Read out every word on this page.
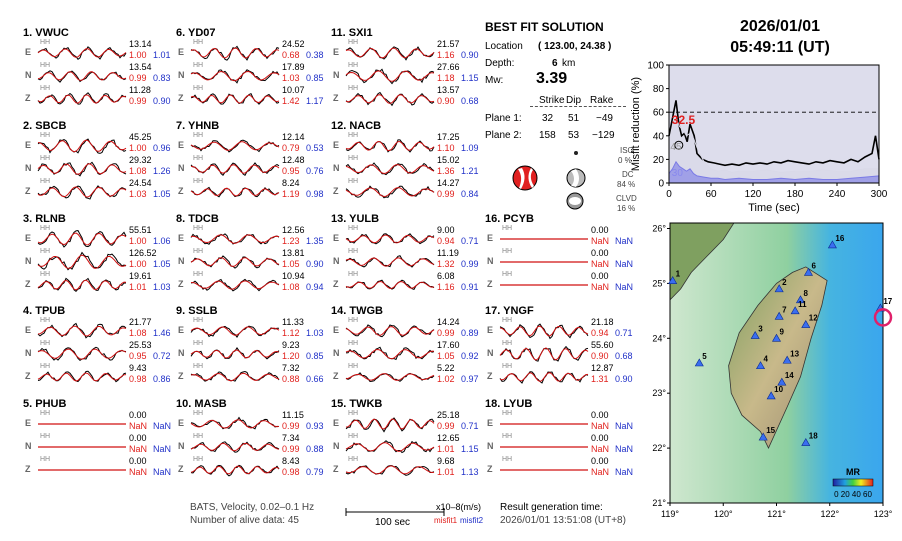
1. VWUC
E
HH	13.14
1.00 1.01
N
HH	13.54
0.99 0.83
Z
HH	11.28
0.99 0.90
2. SBCB
E
HH	45.25
1.00 0.96
N
HH	29.32
1.08 1.26
Z
HH	24.54
1.03 1.05
3. RLNB
E
HH	55.51
1.00 1.06
N
HH	126.52
1.00 1.05
Z
HH	19.61
1.01 1.03
4. TPUB
E
HH	21.77
1.08 1.46
N
HH	25.53
0.95 0.72
Z
HH	9.43
0.98 0.86
5. PHUB
E
HH	0.00
NaN NaN
N
HH	0.00
NaN NaN
Z
HH	0.00
NaN NaN
6. YD07
E
HH	24.52
0.68 0.38
N
HH	17.89
1.03 0.85
Z
HH	10.07
1.42 1.17
7. YHNB
E
HH	12.14
0.79 0.53
N
HH	12.48
0.95 0.76
Z
HH	8.24
1.19 0.98
8. TDCB
E
HH	12.56
1.23 1.35
N
HH	13.81
1.05 0.90
Z
HH	10.94
1.08 0.94
9. SSLB
E
HH	11.33
1.12 1.03
N
HH	9.23
1.20 0.85
Z
HH	7.32
0.88 0.66
10. MASB
E
HH	11.15
0.99 0.93
N
HH	7.34
0.99 0.88
Z
HH	8.43
0.98 0.79
11. SXI1
E
HH	21.57
1.16 0.90
N
HH	27.66
1.18 1.15
Z
HH	13.57
0.90 0.68
12. NACB
E
HH	17.25
1.10 1.09
N
HH	15.02
1.36 1.21
Z
HH	14.27
0.99 0.84
13. YULB
E
HH	9.00
0.94 0.71
N
HH	11.19
1.32 0.99
Z
HH	6.08
1.16 0.91
14. TWGB
E
HH	14.24
0.99 0.89
N
HH	17.60
1.05 0.92
Z
HH	5.22
1.02 0.97
15. TWKB
E
HH	25.18
0.99 0.71
N
HH	12.65
1.01 1.15
Z
HH	9.68
1.01 1.13
16. PCYB
E
HH	0.00
NaN NaN
N
HH	0.00
NaN NaN
Z
HH	0.00
NaN NaN
17. YNGF
E
HH	21.18
0.94 0.71
N
HH	55.60
0.90 0.68
Z
HH	12.87
1.31 0.90
18. LYUB
E
HH	0.00
NaN NaN
N
HH	0.00
NaN NaN
Z
HH	0.00
NaN NaN
BEST FIT SOLUTION
Location ( 123.00, 24.38 )
Depth:	6 km
Mw: 3.39
Strike Dip Rake
Plane 1: 32 51 −49
Plane 2: 158 53 −129
ISO
0 %
DC
84 %
CLVD
16 %
2026/01/01
05:49:11 (UT)
0	60	120	180	240	300
0
20
40
60
80
100
Time (sec)
Misfit reduction (%) 32.5
45
30
119°	120°	121°	122°	123°
21°
22°
23°
24°
25°
26°
1
2
3
4
5
6
7
8
9
10
11
12
13
14
15
16
17
18
MR
0 20 40 60
BATS, Velocity, 0.02–0.1 Hz
Number of alive data: 45	100 sec
x10–8(m/s)
misfit1 misfit2
Result generation time:
2026/01/01 13:51:08 (UT+8)
